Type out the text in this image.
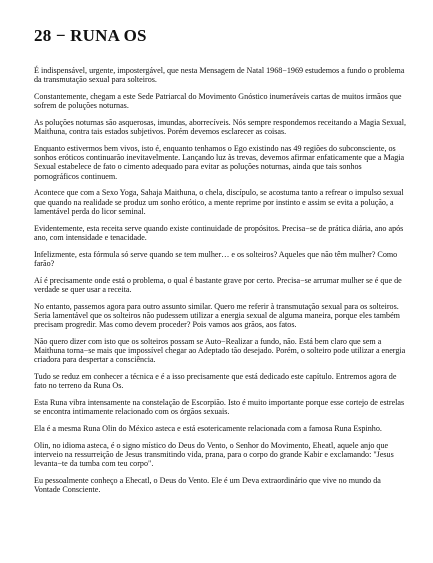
28 − RUNA OS

É indispensável, urgente, impostergável, que nesta Mensagem de Natal 1968−1969 estudemos a fundo o problema da transmutação sexual para solteiros.

Constantemente, chegam a este Sede Patriarcal do Movimento Gnóstico inumeráveis cartas de muitos irmãos que sofrem de poluções noturnas.

As poluções noturnas são asquerosas, imundas, aborrecíveis. Nós sempre respondemos receitando a Magia Sexual, Maithuna, contra tais estados subjetivos. Porém devemos esclarecer as coisas.

Enquanto estivermos bem vivos, isto é, enquanto tenhamos o Ego existindo nas 49 regiões do subconsciente, os sonhos eróticos continuarão inevitavelmente. Lançando luz às trevas, devemos afirmar enfaticamente que a Magia Sexual estabelece de fato o cimento adequado para evitar as poluções noturnas, ainda que tais sonhos pornográficos continuem.

Acontece que com a Sexo Yoga, Sahaja Maithuna, o chela, discípulo, se acostuma tanto a refrear o impulso sexual que quando na realidade se produz um sonho erótico, a mente reprime por instinto e assim se evita a polução, a lamentável perda do licor seminal.

Evidentemente, esta receita serve quando existe continuidade de propósitos. Precisa−se de prática diária, ano após ano, com intensidade e tenacidade.

Infelizmente, esta fórmula só serve quando se tem mulher… e os solteiros? Aqueles que não têm mulher? Como farão?

Aí é precisamente onde está o problema, o qual é bastante grave por certo. Precisa−se arrumar mulher se é que de verdade se quer usar a receita.

No entanto, passemos agora para outro assunto similar. Quero me referir à transmutação sexual para os solteiros. Seria lamentável que os solteiros não pudessem utilizar a energia sexual de alguma maneira, porque eles também precisam progredir. Mas como devem proceder? Pois vamos aos grãos, aos fatos.

Não quero dizer com isto que os solteiros possam se Auto−Realizar a fundo, não. Está bem claro que sem a Maithuna torna−se mais que impossível chegar ao Adeptado tão desejado. Porém, o solteiro pode utilizar a energia criadora para despertar a consciência.

Tudo se reduz em conhecer a técnica e é a isso precisamente que está dedicado este capítulo. Entremos agora de fato no terreno da Runa Os.

Esta Runa vibra intensamente na constelação de Escorpião. Isto é muito importante porque esse cortejo de estrelas se encontra intimamente relacionado com os órgãos sexuais.

Ela é a mesma Runa Olin do México asteca e está esotericamente relacionada com a famosa Runa Espinho.

Olin, no idioma asteca, é o signo místico do Deus do Vento, o Senhor do Movimento, Eheatl, aquele anjo que interveio na ressurreição de Jesus transmitindo vida, prana, para o corpo do grande Kabir e exclamando: "Jesus levanta−te da tumba com teu corpo".

Eu pessoalmente conheço a Ehecatl, o Deus do Vento. Ele é um Deva extraordinário que vive no mundo da Vontade Consciente.
